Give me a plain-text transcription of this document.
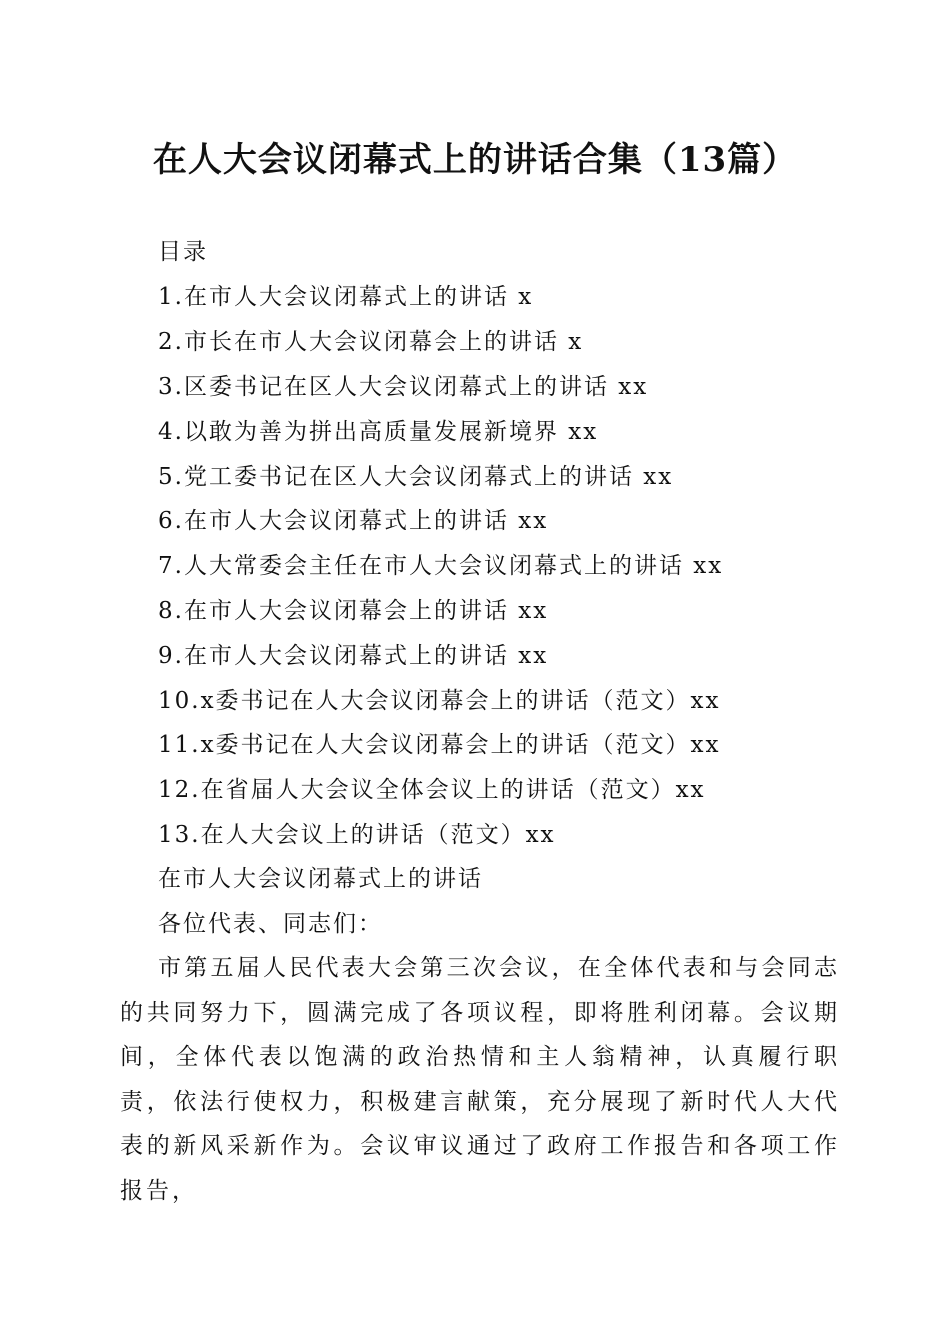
在人大会议闭幕式上的讲话合集（13篇）

目录

1.在市人大会议闭幕式上的讲话 x

2.市长在市人大会议闭幕会上的讲话 x

3.区委书记在区人大会议闭幕式上的讲话 xx

4.以敢为善为拼出高质量发展新境界 xx

5.党工委书记在区人大会议闭幕式上的讲话 xx

6.在市人大会议闭幕式上的讲话 xx

7.人大常委会主任在市人大会议闭幕式上的讲话 xx

8.在市人大会议闭幕会上的讲话 xx

9.在市人大会议闭幕式上的讲话 xx

10.x委书记在人大会议闭幕会上的讲话（范文）xx

11.x委书记在人大会议闭幕会上的讲话（范文）xx

12.在省届人大会议全体会议上的讲话（范文）xx

13.在人大会议上的讲话（范文）xx

在市人大会议闭幕式上的讲话

各位代表、同志们：

市第五届人民代表大会第三次会议，在全体代表和与会同志的共同努力下，圆满完成了各项议程，即将胜利闭幕。会议期间，全体代表以饱满的政治热情和主人翁精神，认真履行职责，依法行使权力，积极建言献策，充分展现了新时代人大代表的新风采新作为。会议审议通过了政府工作报告和各项工作报告，
